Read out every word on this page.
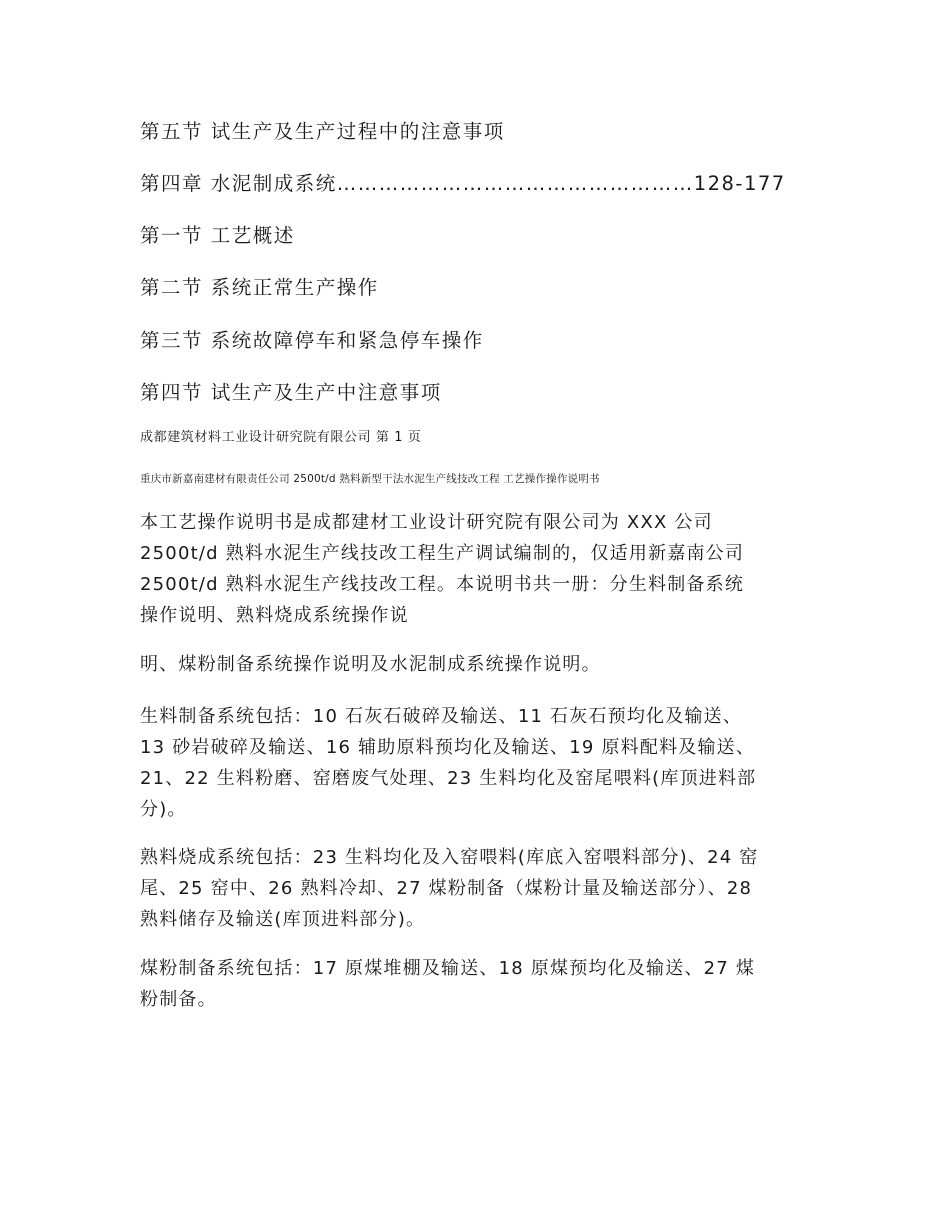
第五节 试生产及生产过程中的注意事项
第四章 水泥制成系统……………………………………………128-177
第一节 工艺概述
第二节 系统正常生产操作
第三节 系统故障停车和紧急停车操作
第四节 试生产及生产中注意事项
成都建筑材料工业设计研究院有限公司 第 1 页
重庆市新嘉南建材有限责任公司 2500t/d 熟料新型干法水泥生产线技改工程 工艺操作操作说明书
本工艺操作说明书是成都建材工业设计研究院有限公司为 XXX 公司
2500t/d 熟料水泥生产线技改工程生产调试编制的，仅适用新嘉南公司
2500t/d 熟料水泥生产线技改工程。本说明书共一册：分生料制备系统
操作说明、熟料烧成系统操作说
明、煤粉制备系统操作说明及水泥制成系统操作说明。
生料制备系统包括：10 石灰石破碎及输送、11 石灰石预均化及输送、
13 砂岩破碎及输送、16 辅助原料预均化及输送、19 原料配料及输送、
21、22 生料粉磨、窑磨废气处理、23 生料均化及窑尾喂料(库顶进料部
分)。
熟料烧成系统包括：23 生料均化及入窑喂料(库底入窑喂料部分)、24 窑
尾、25 窑中、26 熟料冷却、27 煤粉制备（煤粉计量及输送部分）、28
熟料储存及输送(库顶进料部分)。
煤粉制备系统包括：17 原煤堆棚及输送、18 原煤预均化及输送、27 煤
粉制备。
